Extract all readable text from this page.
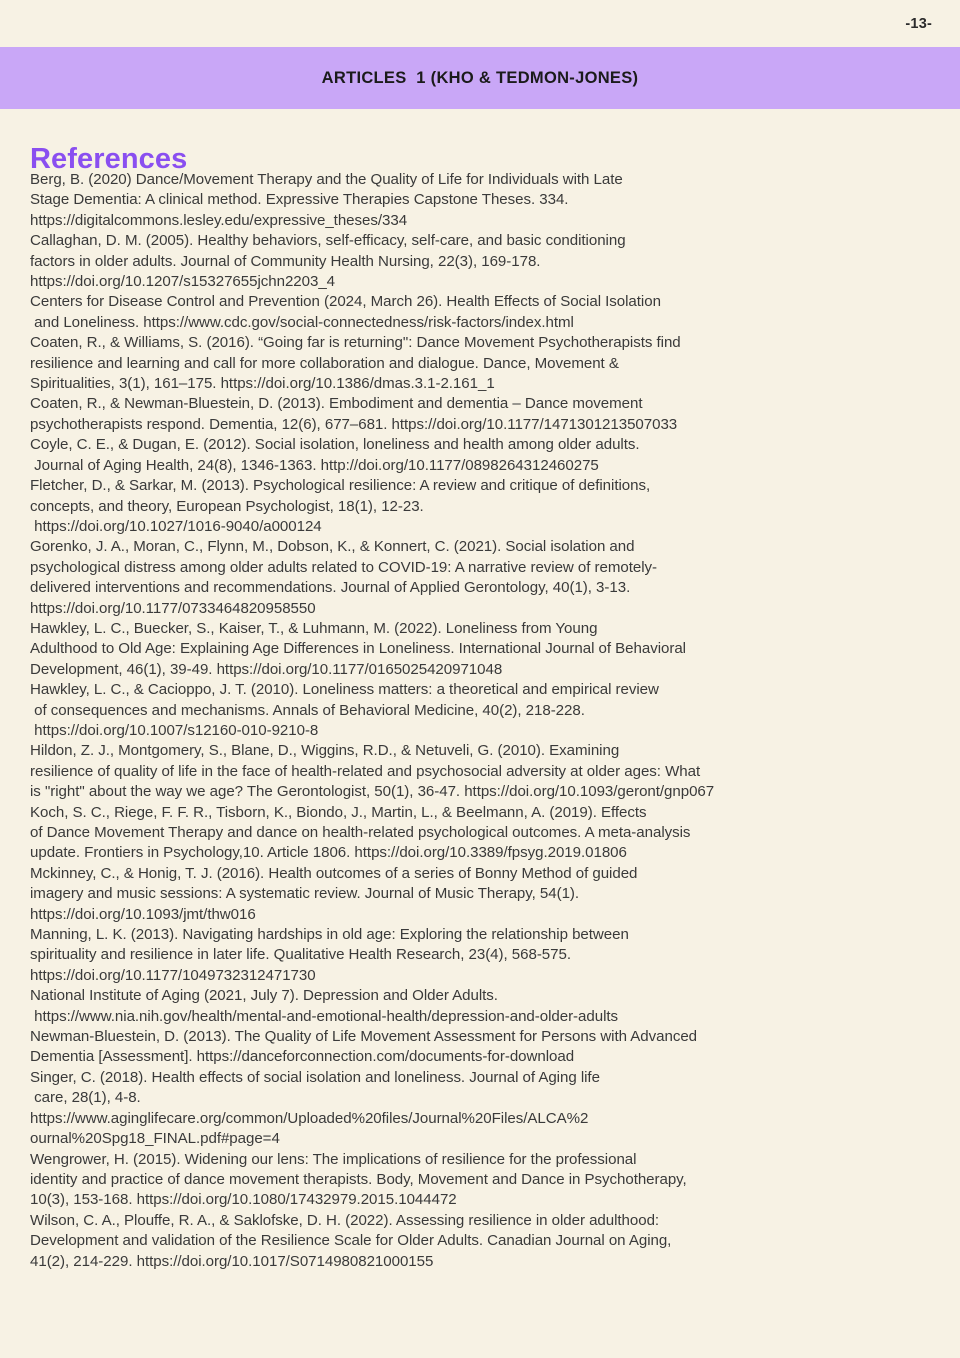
-13-
ARTICLES  1 (KHO & TEDMON-JONES)
References
Berg, B. (2020) Dance/Movement Therapy and the Quality of Life for Individuals with Late
Stage Dementia: A clinical method. Expressive Therapies Capstone Theses. 334.
https://digitalcommons.lesley.edu/expressive_theses/334
Callaghan, D. M. (2005). Healthy behaviors, self-efficacy, self-care, and basic conditioning
factors in older adults. Journal of Community Health Nursing, 22(3), 169-178.
https://doi.org/10.1207/s15327655jchn2203_4
Centers for Disease Control and Prevention (2024, March 26). Health Effects of Social Isolation
and Loneliness. https://www.cdc.gov/social-connectedness/risk-factors/index.html
Coaten, R., & Williams, S. (2016). “Going far is returning": Dance Movement Psychotherapists find
resilience and learning and call for more collaboration and dialogue. Dance, Movement &
Spiritualities, 3(1), 161–175. https://doi.org/10.1386/dmas.3.1-2.161_1
Coaten, R., & Newman-Bluestein, D. (2013). Embodiment and dementia – Dance movement
psychotherapists respond. Dementia, 12(6), 677–681. https://doi.org/10.1177/1471301213507033
Coyle, C. E., & Dugan, E. (2012). Social isolation, loneliness and health among older adults.
Journal of Aging Health, 24(8), 1346-1363. http://doi.org/10.1177/0898264312460275
Fletcher, D., & Sarkar, M. (2013). Psychological resilience: A review and critique of definitions,
concepts, and theory, European Psychologist, 18(1), 12-23.
https://doi.org/10.1027/1016-9040/a000124
Gorenko, J. A., Moran, C., Flynn, M., Dobson, K., & Konnert, C. (2021). Social isolation and
psychological distress among older adults related to COVID-19: A narrative review of remotely-
delivered interventions and recommendations. Journal of Applied Gerontology, 40(1), 3-13.
https://doi.org/10.1177/0733464820958550
Hawkley, L. C., Buecker, S., Kaiser, T., & Luhmann, M. (2022). Loneliness from Young
Adulthood to Old Age: Explaining Age Differences in Loneliness. International Journal of Behavioral
Development, 46(1), 39-49. https://doi.org/10.1177/0165025420971048
Hawkley, L. C., & Cacioppo, J. T. (2010). Loneliness matters: a theoretical and empirical review
of consequences and mechanisms. Annals of Behavioral Medicine, 40(2), 218-228.
https://doi.org/10.1007/s12160-010-9210-8
Hildon, Z. J., Montgomery, S., Blane, D., Wiggins, R.D., & Netuveli, G. (2010). Examining
resilience of quality of life in the face of health-related and psychosocial adversity at older ages: What
is "right" about the way we age? The Gerontologist, 50(1), 36-47. https://doi.org/10.1093/geront/gnp067
Koch, S. C., Riege, F. F. R., Tisborn, K., Biondo, J., Martin, L., & Beelmann, A. (2019). Effects
of Dance Movement Therapy and dance on health-related psychological outcomes. A meta-analysis
update. Frontiers in Psychology,10. Article 1806. https://doi.org/10.3389/fpsyg.2019.01806
Mckinney, C., & Honig, T. J. (2016). Health outcomes of a series of Bonny Method of guided
imagery and music sessions: A systematic review. Journal of Music Therapy, 54(1).
https://doi.org/10.1093/jmt/thw016
Manning, L. K. (2013). Navigating hardships in old age: Exploring the relationship between
spirituality and resilience in later life. Qualitative Health Research, 23(4), 568-575.
https://doi.org/10.1177/1049732312471730
National Institute of Aging (2021, July 7). Depression and Older Adults.
https://www.nia.nih.gov/health/mental-and-emotional-health/depression-and-older-adults
Newman-Bluestein, D. (2013). The Quality of Life Movement Assessment for Persons with Advanced
Dementia [Assessment]. https://danceforconnection.com/documents-for-download
Singer, C. (2018). Health effects of social isolation and loneliness. Journal of Aging life
care, 28(1), 4-8.
https://www.aginglifecare.org/common/Uploaded%20files/Journal%20Files/ALCA%2
ournal%20Spg18_FINAL.pdf#page=4
Wengrower, H. (2015). Widening our lens: The implications of resilience for the professional
identity and practice of dance movement therapists. Body, Movement and Dance in Psychotherapy,
10(3), 153-168. https://doi.org/10.1080/17432979.2015.1044472
Wilson, C. A., Plouffe, R. A., & Saklofske, D. H. (2022). Assessing resilience in older adulthood:
Development and validation of the Resilience Scale for Older Adults. Canadian Journal on Aging,
41(2), 214-229. https://doi.org/10.1017/S0714980821000155
